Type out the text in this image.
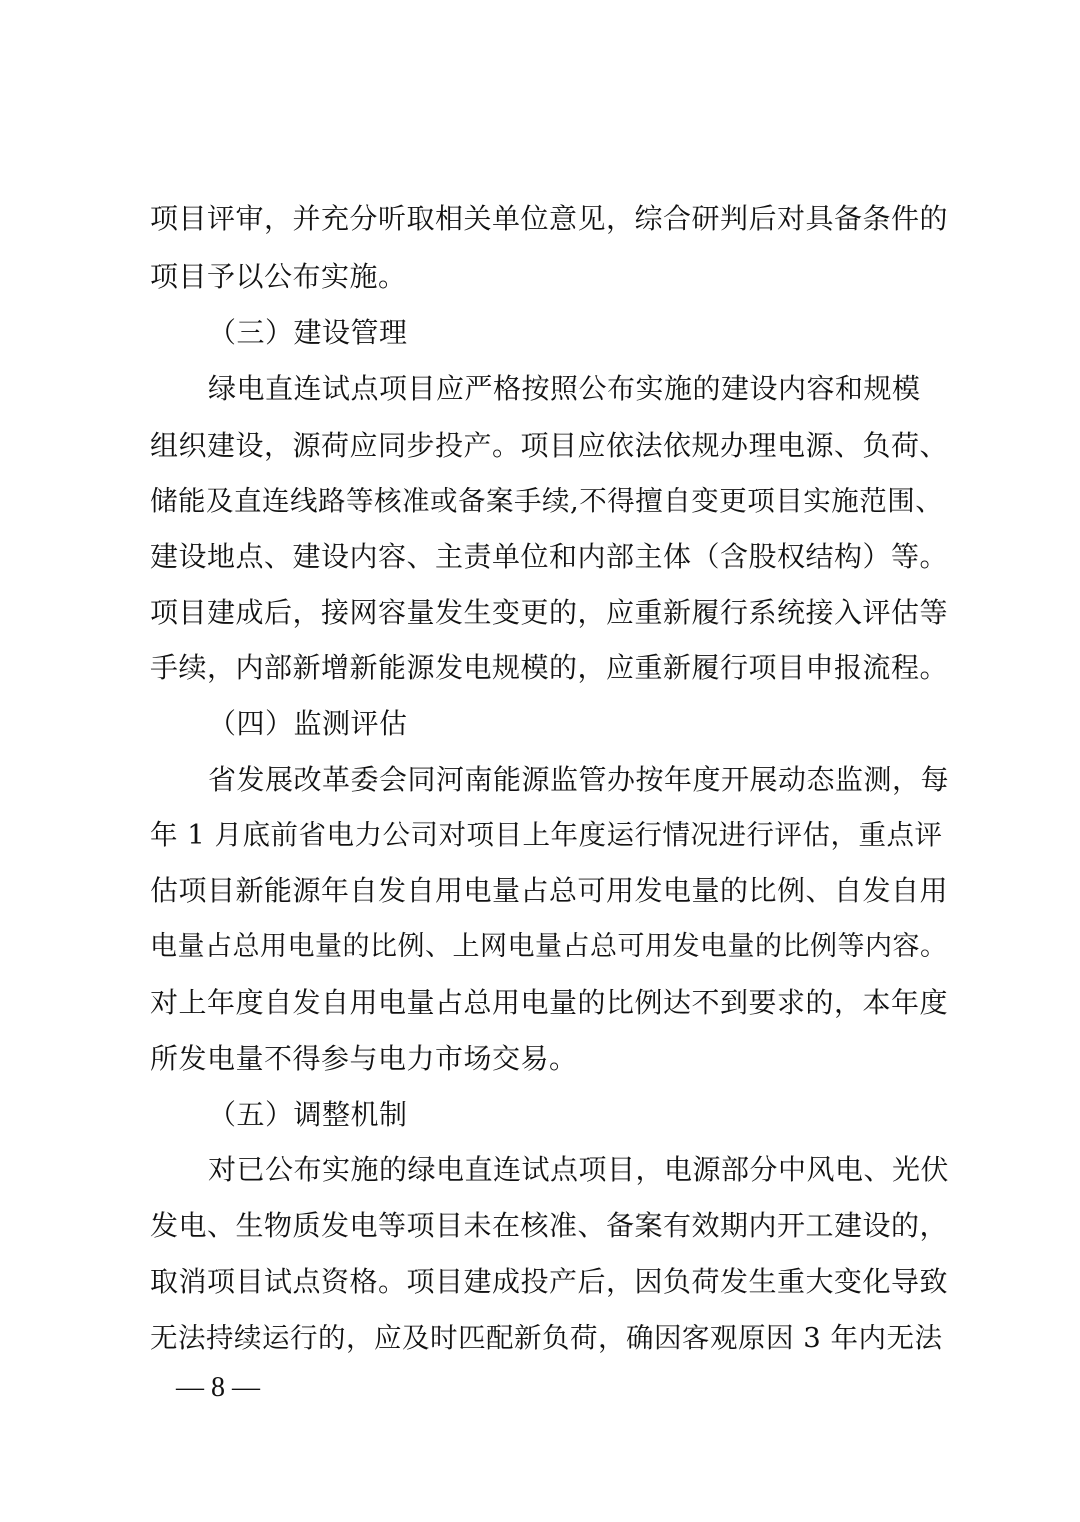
项目评审，并充分听取相关单位意见，综合研判后对具备条件的
项目予以公布实施。
（三）建设管理
绿电直连试点项目应严格按照公布实施的建设内容和规模
组织建设，源荷应同步投产。项目应依法依规办理电源、负荷、
储能及直连线路等核准或备案手续,不得擅自变更项目实施范围、
建设地点、建设内容、主责单位和内部主体（含股权结构）等。
项目建成后，接网容量发生变更的，应重新履行系统接入评估等
手续，内部新增新能源发电规模的，应重新履行项目申报流程。
（四）监测评估
省发展改革委会同河南能源监管办按年度开展动态监测，每
年 1 月底前省电力公司对项目上年度运行情况进行评估，重点评
估项目新能源年自发自用电量占总可用发电量的比例、自发自用
电量占总用电量的比例、上网电量占总可用发电量的比例等内容。
对上年度自发自用电量占总用电量的比例达不到要求的，本年度
所发电量不得参与电力市场交易。
（五）调整机制
对已公布实施的绿电直连试点项目，电源部分中风电、光伏
发电、生物质发电等项目未在核准、备案有效期内开工建设的，
取消项目试点资格。项目建成投产后，因负荷发生重大变化导致
无法持续运行的，应及时匹配新负荷，确因客观原因 3 年内无法
— 8 —
